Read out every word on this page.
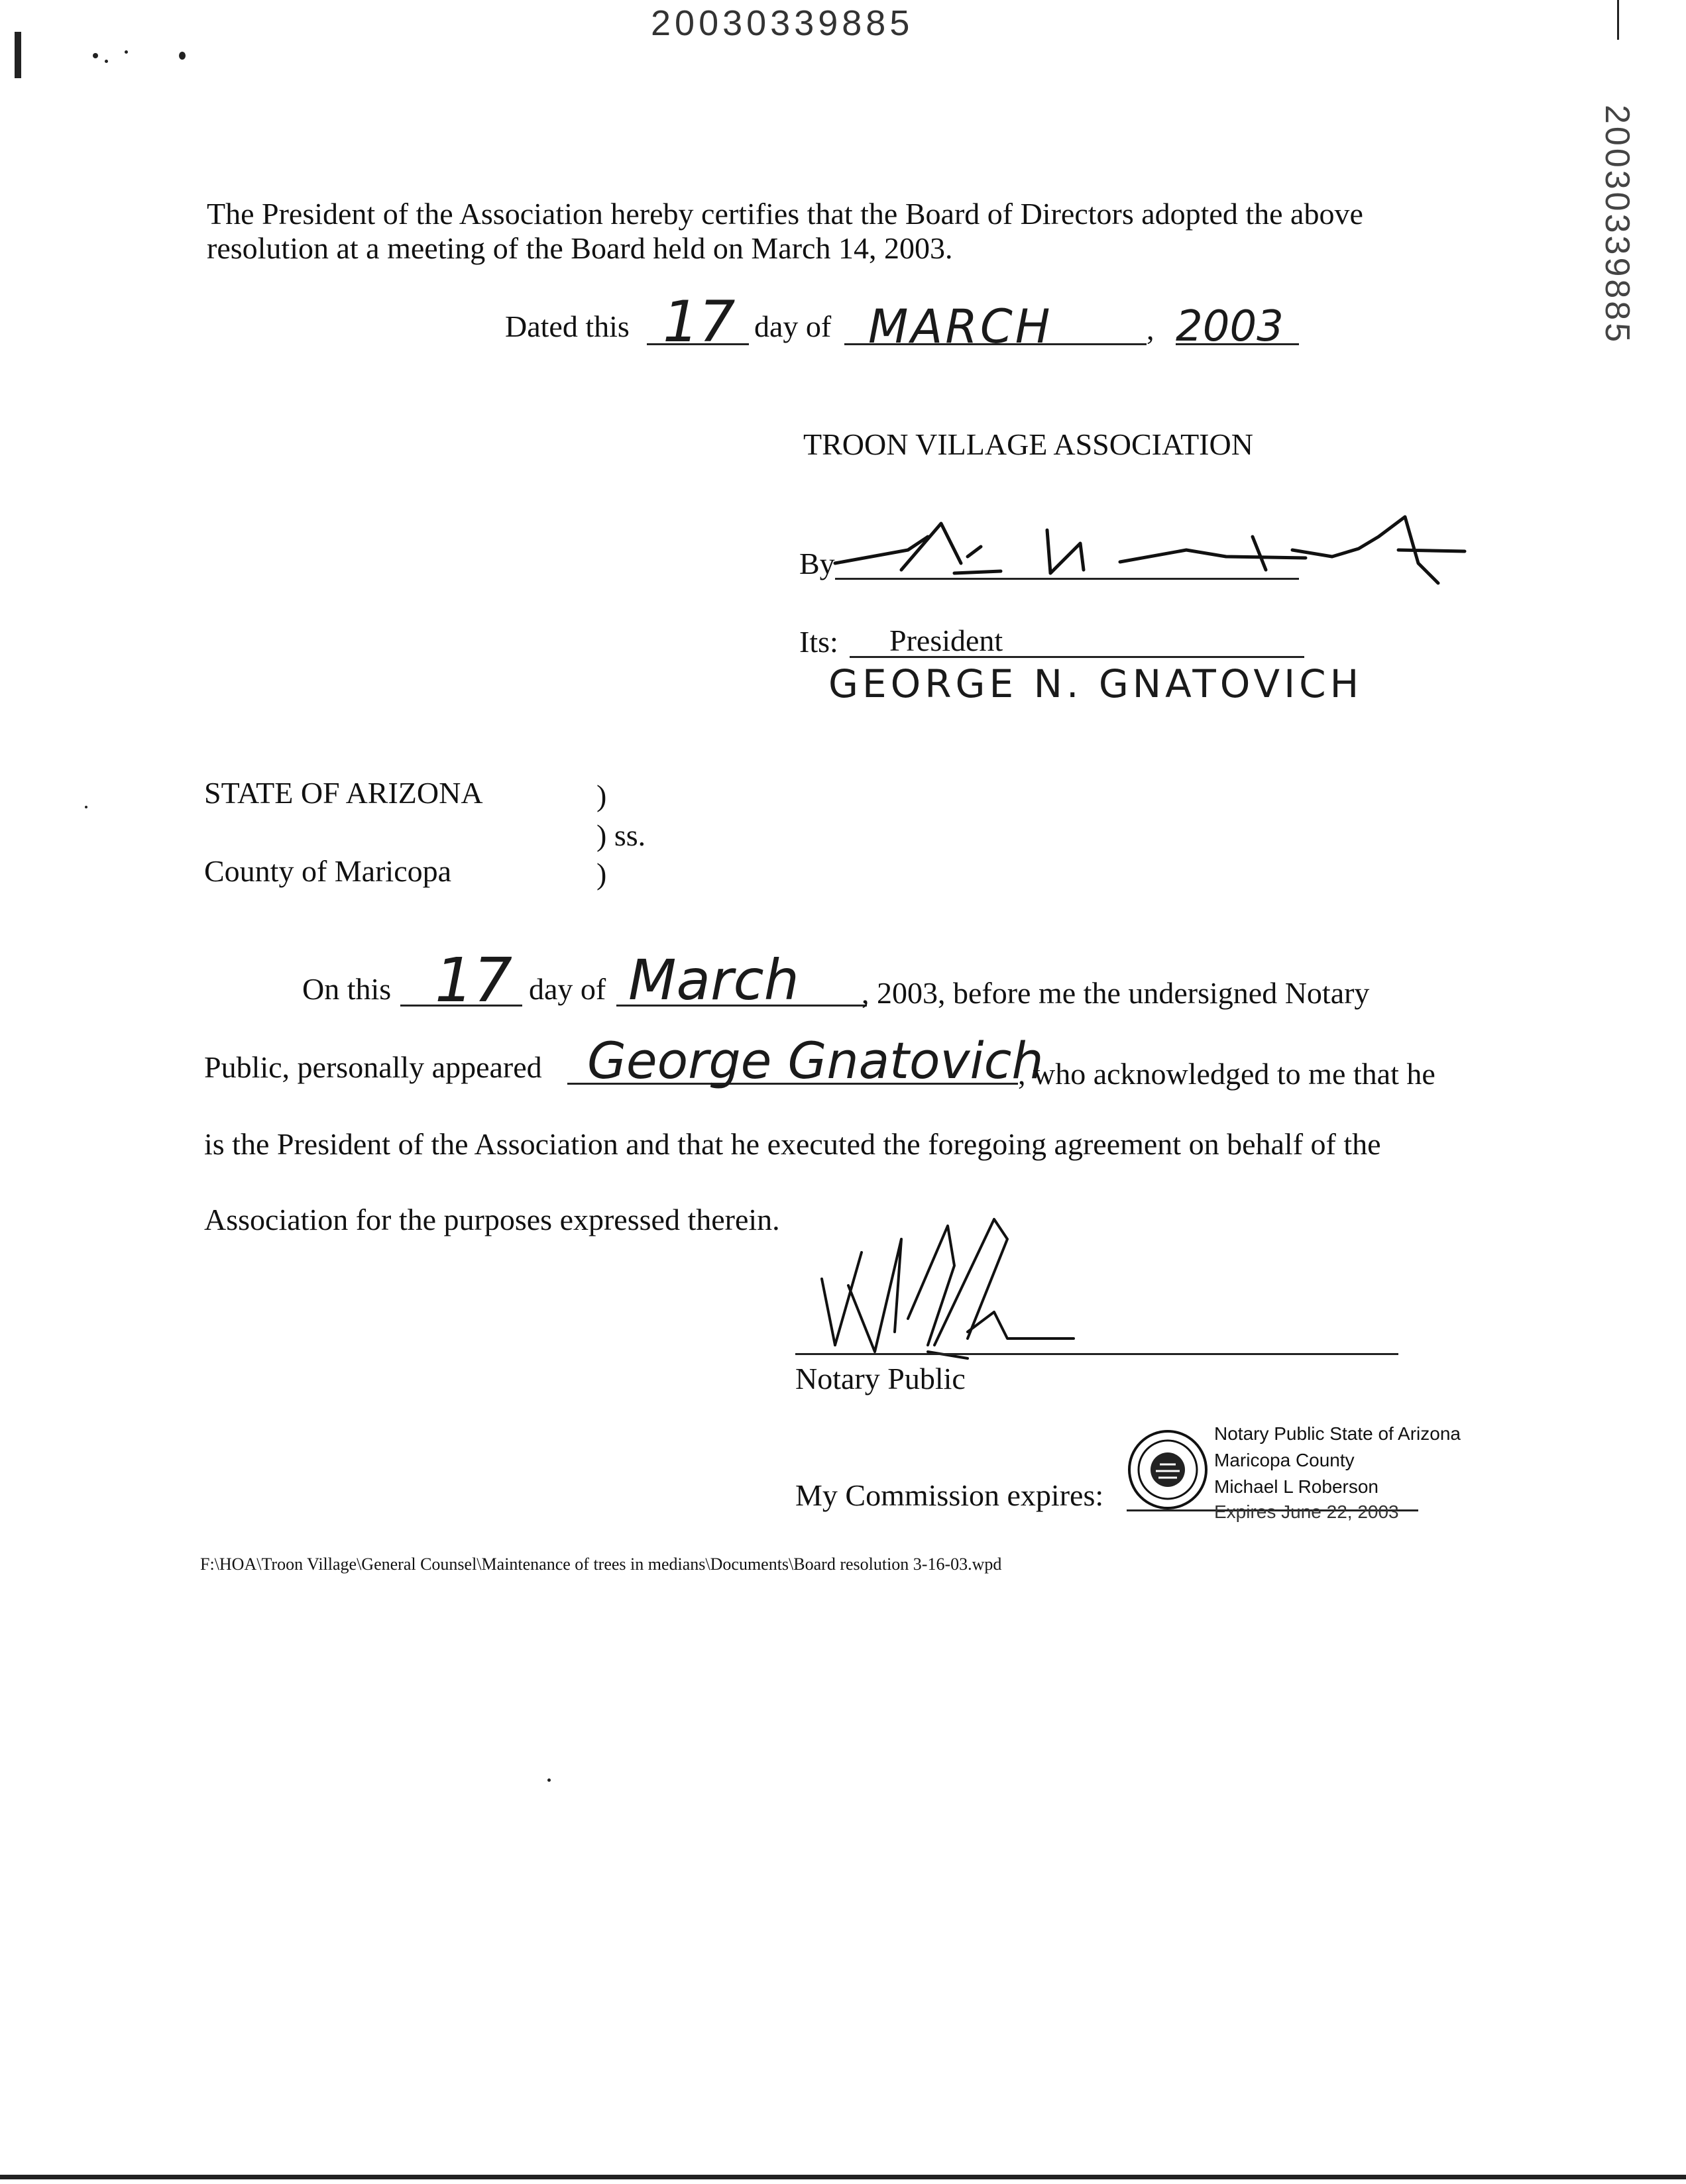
20030339885
20030339885
The President of the Association hereby certifies that the Board of Directors adopted the above
resolution at a meeting of the Board held on March 14, 2003.
Dated this 17 day of MARCH	, 2003
TROON VILLAGE ASSOCIATION
By
Its: President
GEORGE N. GNATOVICH
STATE OF ARIZONA	)
) ss.
County of Maricopa	)
On this 17 day of March , 2003, before me the undersigned Notary
Public, personally appeared George Gnatovich
, who acknowledged to me that he
is the President of the Association and that he executed the foregoing agreement on behalf of the
Association for the purposes expressed therein.
Notary Public
My Commission expires:
Notary Public State of Arizona
Maricopa County
Michael L Roberson
Expires June 22, 2003
F:\HOA\Troon Village\General Counsel\Maintenance of trees in medians\Documents\Board resolution 3-16-03.wpd
